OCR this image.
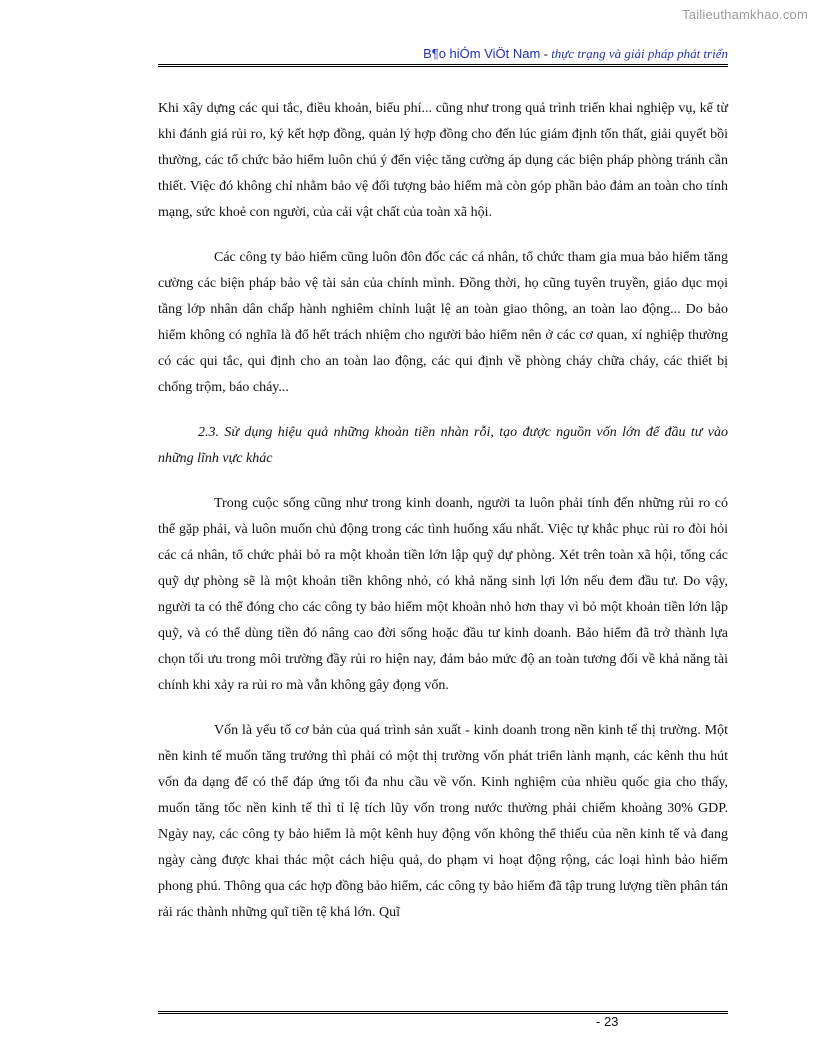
Tailieuthamkhao.com
B¶o hiÓm ViÖt Nam - thực trạng và giải pháp phát triển

Khi xây dựng các qui tắc, điều khoản, biểu phí... cũng như trong quá trình triển khai nghiệp vụ, kể từ khi đánh giá rủi ro, ký kết hợp đồng, quản lý hợp đồng cho đến lúc giám định tổn thất, giải quyết bồi thường, các tổ chức bảo hiểm luôn chú ý đến việc tăng cường áp dụng các biện pháp phòng tránh cần thiết. Việc đó không chỉ nhằm bảo vệ đối tượng bảo hiểm mà còn góp phần bảo đảm an toàn cho tính mạng, sức khoẻ con người, của cải vật chất của toàn xã hội.

Các công ty bảo hiểm cũng luôn đôn đốc các cá nhân, tổ chức tham gia mua bảo hiểm tăng cường các biện pháp bảo vệ tài sản của chính mình. Đồng thời, họ cũng tuyên truyền, giáo dục mọi tầng lớp nhân dân chấp hành nghiêm chỉnh luật lệ an toàn giao thông, an toàn lao động... Do bảo hiểm không có nghĩa là đổ hết trách nhiệm cho người bảo hiểm nên ở các cơ quan, xí nghiệp thường có các qui tắc, qui định cho an toàn lao động, các qui định về phòng cháy chữa cháy, các thiết bị chống trộm, báo cháy...

2.3. Sử dụng hiệu quả những khoản tiền nhàn rỗi, tạo được nguồn vốn lớn để đầu tư vào những lĩnh vực khác

Trong cuộc sống cũng như trong kinh doanh, người ta luôn phải tính đến những rủi ro có thể gặp phải, và luôn muốn chủ động trong các tình huống xấu nhất. Việc tự khắc phục rủi ro đòi hỏi các cá nhân, tổ chức phải bỏ ra một khoản tiền lớn lập quỹ dự phòng. Xét trên toàn xã hội, tổng các quỹ dự phòng sẽ là một khoản tiền không nhỏ, có khả năng sinh lợi lớn nếu đem đầu tư. Do vậy, người ta có thể đóng cho các công ty bảo hiểm một khoản nhỏ hơn thay vì bỏ một khoản tiền lớn lập quỹ, và có thể dùng tiền đó nâng cao đời sống hoặc đầu tư kinh doanh. Bảo hiểm đã trở thành lựa chọn tối ưu trong môi trường đầy rủi ro hiện nay, đảm bảo mức độ an toàn tương đối về khả năng tài chính khi xảy ra rủi ro mà vẫn không gây đọng vốn.

Vốn là yếu tố cơ bản của quá trình sản xuất - kinh doanh trong nền kinh tế thị trường. Một nền kinh tế muốn tăng trưởng thì phải có một thị trường vốn phát triển lành mạnh, các kênh thu hút vốn đa dạng để có thể đáp ứng tối đa nhu cầu về vốn. Kinh nghiệm của nhiều quốc gia cho thấy, muốn tăng tốc nền kinh tế thì tỉ lệ tích lũy vốn trong nước thường phải chiếm khoảng 30% GDP. Ngày nay, các công ty bảo hiểm là một kênh huy động vốn không thể thiếu của nền kinh tế và đang ngày càng được khai thác một cách hiệu quả, do phạm vi hoạt động rộng, các loại hình bảo hiểm phong phú. Thông qua các hợp đồng bảo hiểm, các công ty bảo hiểm đã tập trung lượng tiền phân tán rải rác thành những quĩ tiền tệ khá lớn. Quĩ

- 23
